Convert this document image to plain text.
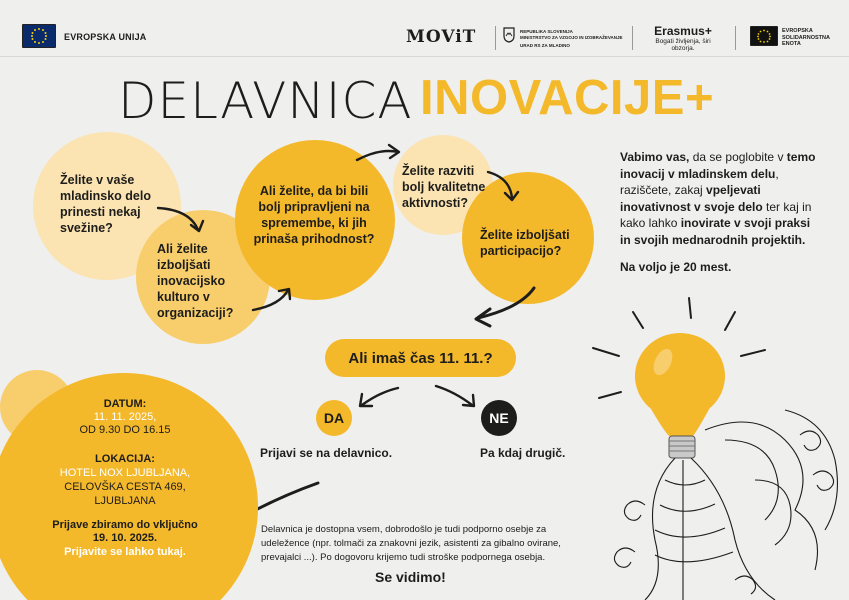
EVROPSKA UNIJA	MOViT	REPUBLIKA SLOVENIJA
MINISTRSTVO ZA VZGOJO IN IZOBRAŽEVANJE
URAD RS ZA MLADINO
Erasmus+
Bogati življenja, širi obzorja.
EVROPSKA
SOLIDARNOSTNA
ENOTA
DELAVNICA INOVACIJE+
Želite v vaše mladinsko delo prinesti nekaj svežine?
Ali želite izboljšati inovacijsko kulturo v organizaciji?
Ali želite, da bi bili bolj pripravljeni na spremembe, ki jih prinaša prihodnost?
Želite razviti bolj kvalitetne aktivnosti?
Želite izboljšati participacijo?
Vabimo vas, da se poglobite v temo inovacij v mladinskem delu, raziščete, zakaj vpeljevati inovativnost v svoje delo ter kaj in kako lahko inovirate v svoji praksi in svojih mednarodnih projektih.
Na voljo je 20 mest.
Ali imaš čas 11. 11.?
DA	NE
Prijavi se na delavnico.	Pa kdaj drugič.
DATUM:
11. 11. 2025,
OD 9.30 DO 16.15
LOKACIJA:
HOTEL NOX LJUBLJANA,
CELOVŠKA CESTA 469,
LJUBLJANA
Prijave zbiramo do vključno
19. 10. 2025.
Prijavite se lahko tukaj.
Delavnica je dostopna vsem, dobrodošlo je tudi podporno osebje za udeležence (npr. tolmači za znakovni jezik, asistenti za gibalno ovirane, prevajalci ...). Po dogovoru krijemo tudi stroške podpornega osebja.
Se vidimo!
